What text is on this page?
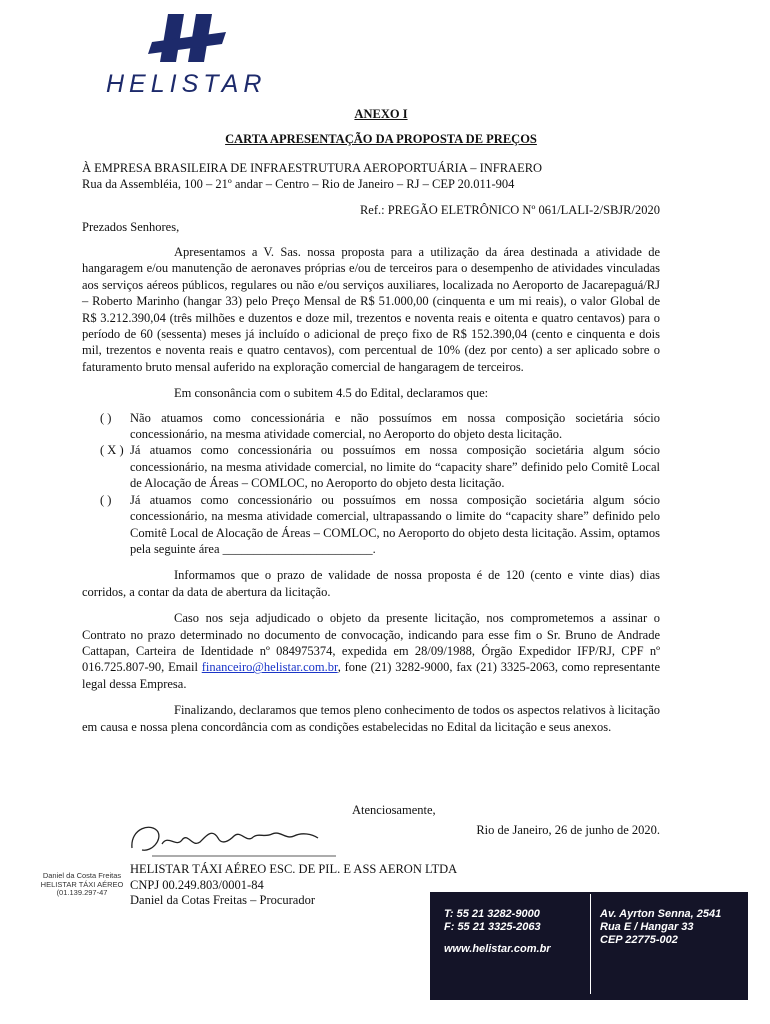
HELISTAR
ANEXO I
CARTA APRESENTAÇÃO DA PROPOSTA DE PREÇOS
À EMPRESA BRASILEIRA DE INFRAESTRUTURA AEROPORTUÁRIA – INFRAERO
Rua da Assembléia, 100 – 21º andar – Centro – Rio de Janeiro – RJ – CEP 20.011-904
Ref.: PREGÃO ELETRÔNICO Nº 061/LALI-2/SBJR/2020
Prezados Senhores,

Apresentamos a V. Sas. nossa proposta para a utilização da área destinada a atividade de hangaragem e/ou manutenção de aeronaves próprias e/ou de terceiros para o desempenho de atividades vinculadas aos serviços aéreos públicos, regulares ou não e/ou serviços auxiliares, localizada no Aeroporto de Jacarepaguá/RJ – Roberto Marinho (hangar 33) pelo Preço Mensal de R$ 51.000,00 (cinquenta e um mi reais), o valor Global de R$ 3.212.390,04 (três milhões e duzentos e doze mil, trezentos e noventa reais e oitenta e quatro centavos) para o período de 60 (sessenta) meses já incluído o adicional de preço fixo de R$ 152.390,04 (cento e cinquenta e dois mil, trezentos e noventa reais e quatro centavos), com percentual de 10% (dez por cento) a ser aplicado sobre o faturamento bruto mensal auferido na exploração comercial de hangaragem de terceiros.

Em consonância com o subitem 4.5 do Edital, declaramos que:

( ) Não atuamos como concessionária e não possuímos em nossa composição societária sócio concessionário, na mesma atividade comercial, no Aeroporto do objeto desta licitação.
( X ) Já atuamos como concessionária ou possuímos em nossa composição societária algum sócio concessionário, na mesma atividade comercial, no limite do “capacity share” definido pelo Comitê Local de Alocação de Áreas – COMLOC, no Aeroporto do objeto desta licitação.
( ) Já atuamos como concessionário ou possuímos em nossa composição societária algum sócio concessionário, na mesma atividade comercial, ultrapassando o limite do “capacity share” definido pelo Comitê Local de Alocação de Áreas – COMLOC, no Aeroporto do objeto desta licitação. Assim, optamos pela seguinte área ________________________.

Informamos que o prazo de validade de nossa proposta é de 120 (cento e vinte dias) dias corridos, a contar da data de abertura da licitação.

Caso nos seja adjudicado o objeto da presente licitação, nos comprometemos a assinar o Contrato no prazo determinado no documento de convocação, indicando para esse fim o Sr. Bruno de Andrade Cattapan, Carteira de Identidade nº 084975374, expedida em 28/09/1988, Órgão Expedidor IFP/RJ, CPF nº 016.725.807-90, Email financeiro@helistar.com.br, fone (21) 3282-9000, fax (21) 3325-2063, como representante legal dessa Empresa.

Finalizando, declaramos que temos pleno conhecimento de todos os aspectos relativos à licitação em causa e nossa plena concordância com as condições estabelecidas no Edital da licitação e seus anexos.

Atenciosamente,
Rio de Janeiro, 26 de junho de 2020.
HELISTAR TÁXI AÉREO ESC. DE PIL. E ASS AERON LTDA
CNPJ 00.249.803/0001-84
Daniel da Cotas Freitas – Procurador
Daniel da Costa Freitas
HELISTAR TÁXI AÉREO
(01.139.297-47
T: 55 21 3282-9000
F: 55 21 3325-2063
www.helistar.com.br
Av. Ayrton Senna, 2541
Rua E / Hangar 33
CEP 22775-002
